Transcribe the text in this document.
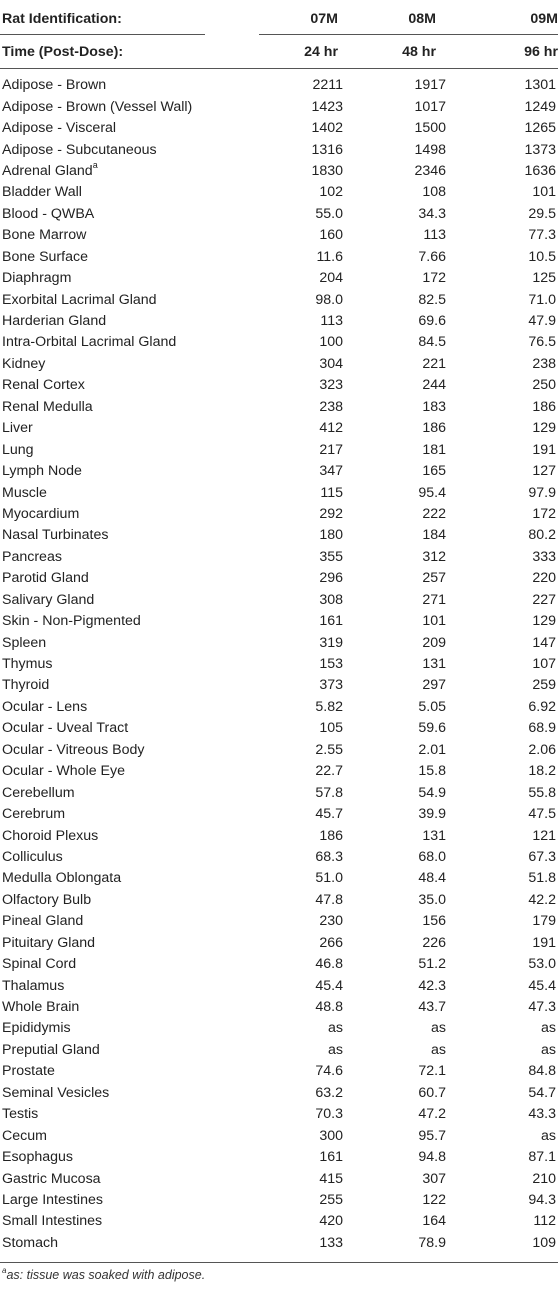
Rat Identification:	07M	08M	09M
Time (Post-Dose):	24 hr	48 hr	96 hr

Adipose - Brown	2211	1917	1301
Adipose - Brown (Vessel Wall)	1423	1017	1249
Adipose - Visceral	1402	1500	1265
Adipose - Subcutaneous	1316	1498	1373
Adrenal Gland$^a$	1830	2346	1636
Bladder Wall	102	108	101
Blood - QWBA	55.0	34.3	29.5
Bone Marrow	160	113	77.3
Bone Surface	11.6	7.66	10.5
Diaphragm	204	172	125
Exorbital Lacrimal Gland	98.0	82.5	71.0
Harderian Gland	113	69.6	47.9
Intra-Orbital Lacrimal Gland	100	84.5	76.5
Kidney	304	221	238
Renal Cortex	323	244	250
Renal Medulla	238	183	186
Liver	412	186	129
Lung	217	181	191
Lymph Node	347	165	127
Muscle	115	95.4	97.9
Myocardium	292	222	172
Nasal Turbinates	180	184	80.2
Pancreas	355	312	333
Parotid Gland	296	257	220
Salivary Gland	308	271	227
Skin - Non-Pigmented	161	101	129
Spleen	319	209	147
Thymus	153	131	107
Thyroid	373	297	259
Ocular - Lens	5.82	5.05	6.92
Ocular - Uveal Tract	105	59.6	68.9
Ocular - Vitreous Body	2.55	2.01	2.06
Ocular - Whole Eye	22.7	15.8	18.2
Cerebellum	57.8	54.9	55.8
Cerebrum	45.7	39.9	47.5
Choroid Plexus	186	131	121
Colliculus	68.3	68.0	67.3
Medulla Oblongata	51.0	48.4	51.8
Olfactory Bulb	47.8	35.0	42.2
Pineal Gland	230	156	179
Pituitary Gland	266	226	191
Spinal Cord	46.8	51.2	53.0
Thalamus	45.4	42.3	45.4
Whole Brain	48.8	43.7	47.3
Epididymis	as	as	as
Preputial Gland	as	as	as
Prostate	74.6	72.1	84.8
Seminal Vesicles	63.2	60.7	54.7
Testis	70.3	47.2	43.3
Cecum	300	95.7	as
Esophagus	161	94.8	87.1
Gastric Mucosa	415	307	210
Large Intestines	255	122	94.3
Small Intestines	420	164	112
Stomach	133	78.9	109
$^a$as: tissue was soaked with adipose.
